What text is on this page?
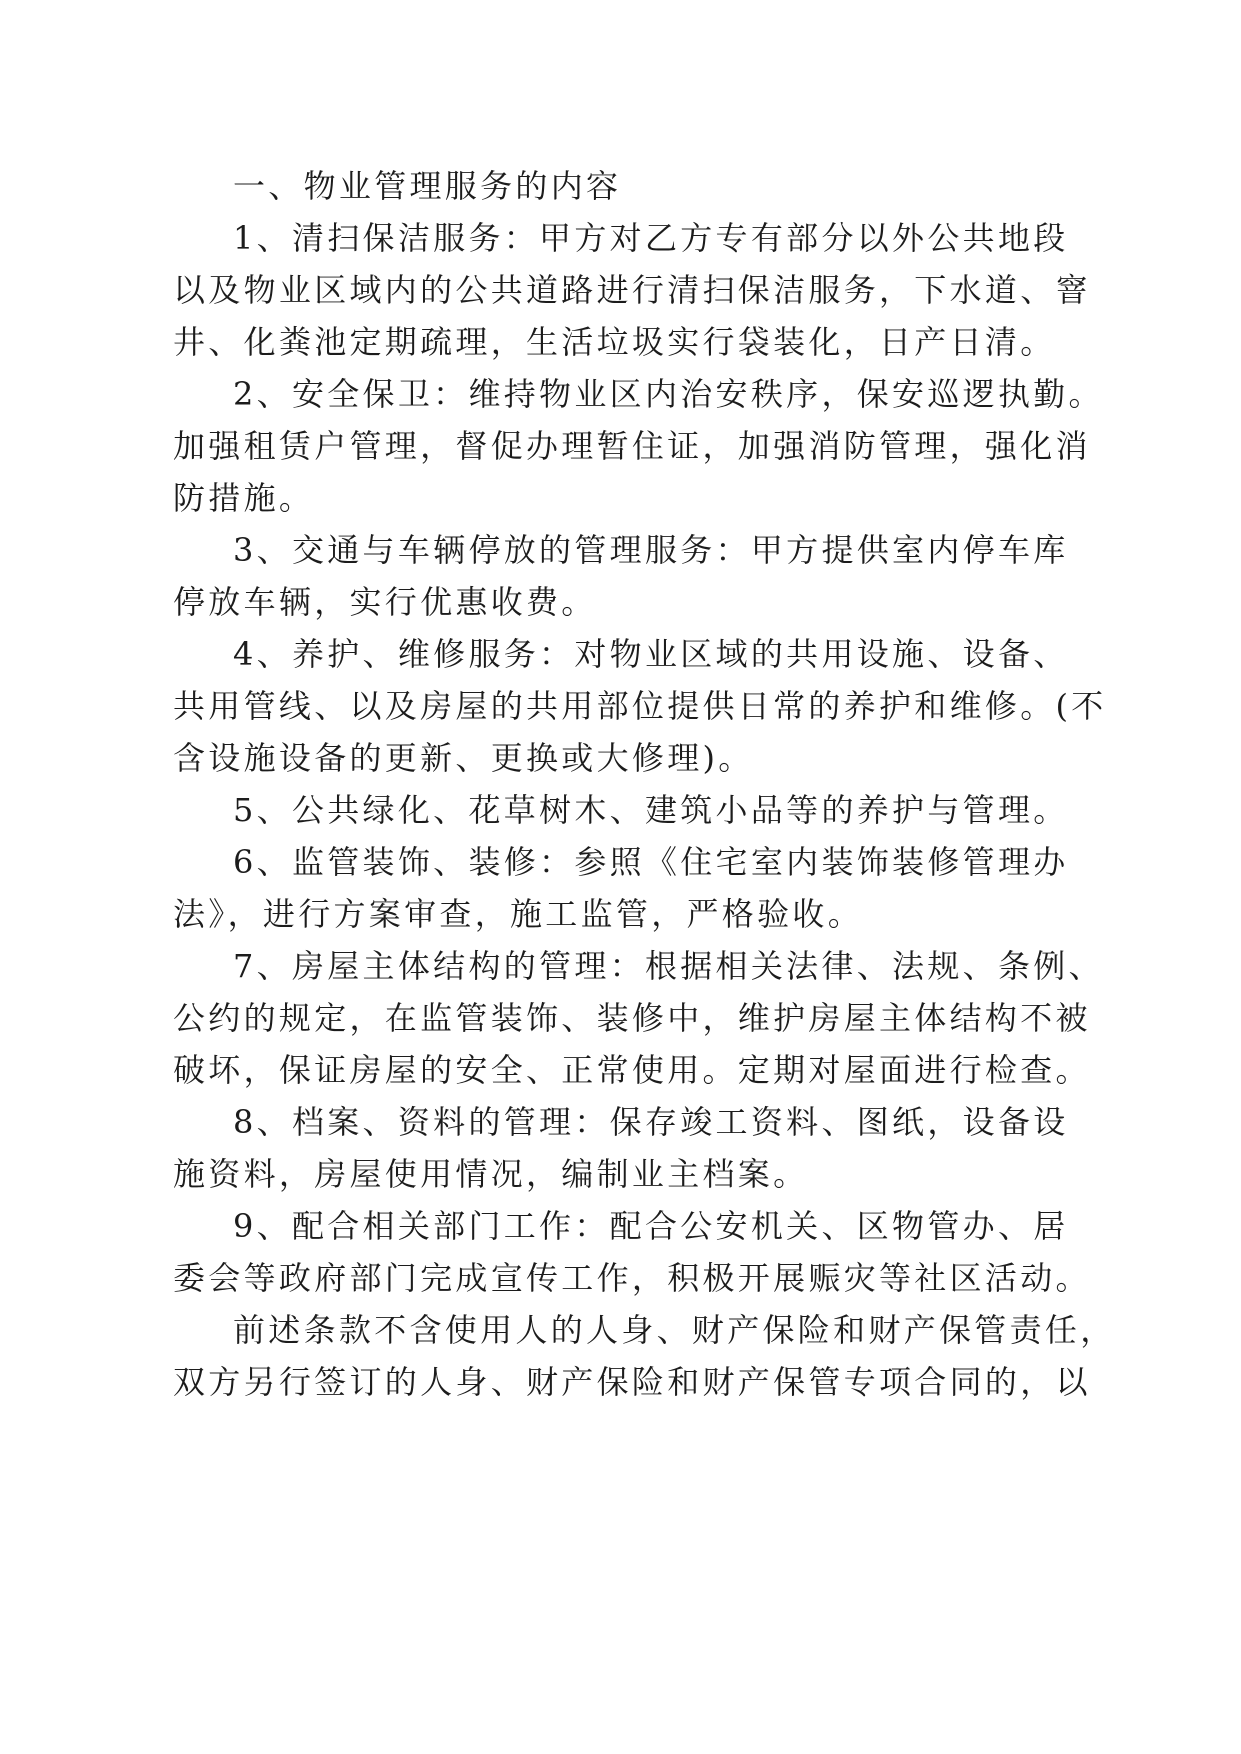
一、物业管理服务的内容
1、清扫保洁服务：甲方对乙方专有部分以外公共地段
以及物业区域内的公共道路进行清扫保洁服务，下水道、窨
井、化粪池定期疏理，生活垃圾实行袋装化，日产日清。
2、安全保卫：维持物业区内治安秩序，保安巡逻执勤。
加强租赁户管理，督促办理暂住证，加强消防管理，强化消
防措施。
3、交通与车辆停放的管理服务：甲方提供室内停车库
停放车辆，实行优惠收费。
4、养护、维修服务：对物业区域的共用设施、设备、
共用管线、以及房屋的共用部位提供日常的养护和维修。(不
含设施设备的更新、更换或大修理)。
5、公共绿化、花草树木、建筑小品等的养护与管理。
6、监管装饰、装修：参照《住宅室内装饰装修管理办
法》，进行方案审查，施工监管，严格验收。
7、房屋主体结构的管理：根据相关法律、法规、条例、
公约的规定，在监管装饰、装修中，维护房屋主体结构不被
破坏，保证房屋的安全、正常使用。定期对屋面进行检查。
8、档案、资料的管理：保存竣工资料、图纸，设备设
施资料，房屋使用情况，编制业主档案。
9、配合相关部门工作：配合公安机关、区物管办、居
委会等政府部门完成宣传工作，积极开展赈灾等社区活动。
前述条款不含使用人的人身、财产保险和财产保管责任，
双方另行签订的人身、财产保险和财产保管专项合同的，以
